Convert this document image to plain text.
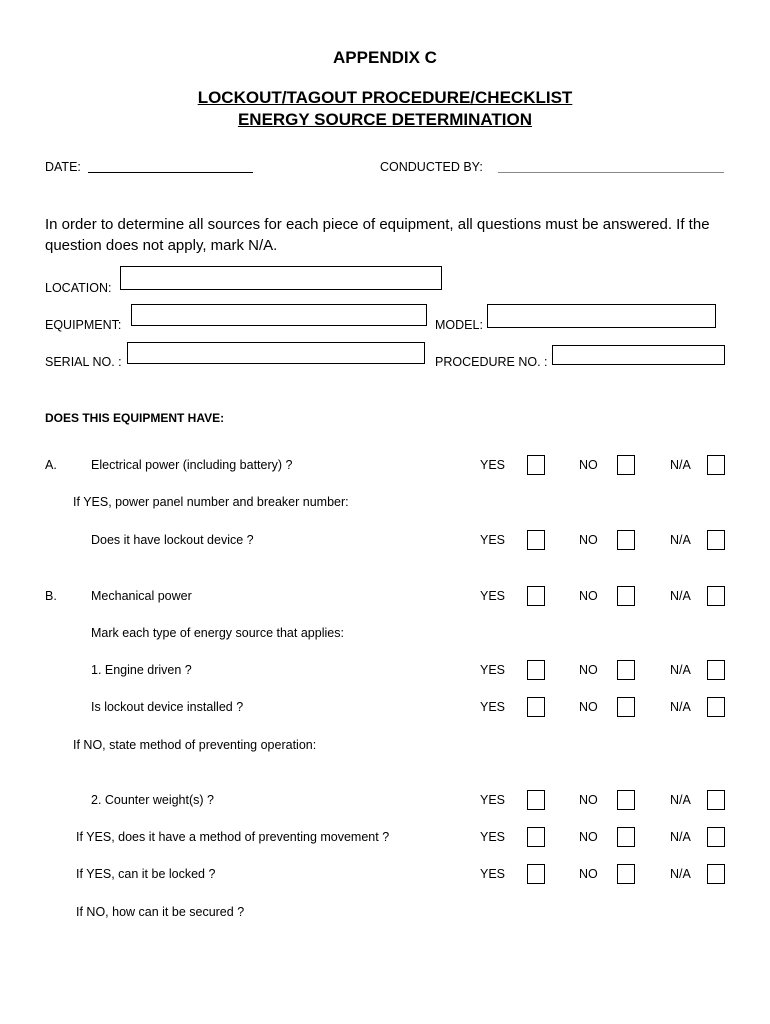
APPENDIX C
LOCKOUT/TAGOUT PROCEDURE/CHECKLIST
ENERGY SOURCE DETERMINATION
DATE:	CONDUCTED BY:
In order to determine all sources for each piece of equipment, all questions must be answered. If the question does not apply, mark N/A.
LOCATION:
EQUIPMENT:	MODEL:
SERIAL NO. :	PROCEDURE NO. :
DOES THIS EQUIPMENT HAVE:
A.	Electrical power (including battery) ?	YES	NO	N/A
If YES, power panel number and breaker number:
Does it have lockout device ?	YES	NO	N/A
B.	Mechanical power	YES	NO	N/A
Mark each type of energy source that applies:
1. Engine driven ?	YES	NO	N/A
Is lockout device installed ?	YES	NO	N/A
If NO, state method of preventing operation:
2. Counter weight(s) ?	YES	NO	N/A
If YES, does it have a method of preventing movement ?	YES	NO	N/A
If YES, can it be locked ?	YES	NO	N/A
If NO, how can it be secured ?
